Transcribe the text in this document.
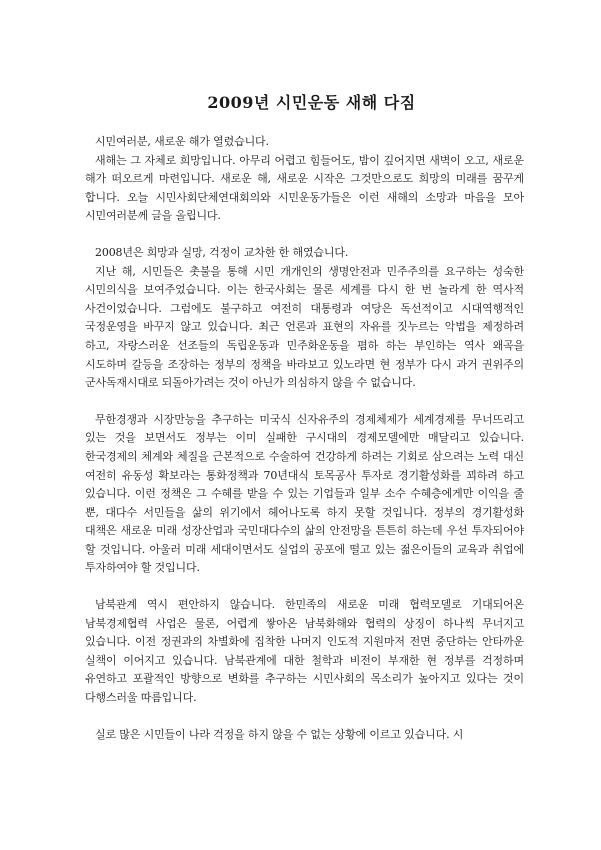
2009년 시민운동 새해 다짐

시민여러분, 새로운 해가 열렸습니다.

새해는 그 자체로 희망입니다. 아무리 어렵고 힘들어도, 밤이 깊어지면 새벽이 오고, 새로운 해가 떠오르게 마련입니다. 새로운 해, 새로운 시작은 그것만으로도 희망의 미래를 꿈꾸게 합니다. 오늘 시민사회단체연대회의와 시민운동가들은 이런 새해의 소망과 마음을 모아 시민여러분께 글을 올립니다.

2008년은 희망과 실망, 걱정이 교차한 한 해였습니다.

지난 해, 시민들은 촛불을 통해 시민 개개인의 생명안전과 민주주의를 요구하는 성숙한 시민의식을 보여주었습니다. 이는 한국사회는 물론 세계를 다시 한 번 놀라게 한 역사적 사건이었습니다. 그럼에도 불구하고 여전히 대통령과 여당은 독선적이고 시대역행적인 국정운영을 바꾸지 않고 있습니다. 최근 언론과 표현의 자유를 짓누르는 악법을 제정하려 하고, 자랑스러운 선조들의 독립운동과 민주화운동을 폄하 하는 부인하는 역사 왜곡을 시도하며 갈등을 조장하는 정부의 정책을 바라보고 있노라면 현 정부가 다시 과거 권위주의 군사독재시대로 되돌아가려는 것이 아닌가 의심하지 않을 수 없습니다.

무한경쟁과 시장만능을 추구하는 미국식 신자유주의 경제체제가 세계경제를 무너뜨리고 있는 것을 보면서도 정부는 이미 실패한 구시대의 경제모델에만 매달리고 있습니다. 한국경제의 체계와 체질을 근본적으로 수술하여 건강하게 하려는 기회로 삼으려는 노력 대신 여전히 유동성 확보라는 통화정책과 70년대식 토목공사 투자로 경기활성화를 꾀하려 하고 있습니다. 이런 정책은 그 수혜를 받을 수 있는 기업들과 일부 소수 수혜층에게만 이익을 줄 뿐, 대다수 서민들을 삶의 위기에서 헤어나도록 하지 못할 것입니다. 정부의 경기활성화 대책은 새로운 미래 성장산업과 국민대다수의 삶의 안전망을 튼튼히 하는데 우선 투자되어야 할 것입니다. 아울러 미래 세대이면서도 실업의 공포에 떨고 있는 젊은이들의 교육과 취업에 투자하여야 할 것입니다.

남북관계 역시 편안하지 않습니다. 한민족의 새로운 미래 협력모델로 기대되어온 남북경제협력 사업은 물론, 어렵게 쌓아온 남북화해와 협력의 상징이 하나씩 무너지고 있습니다. 이전 정권과의 차별화에 집착한 나머지 인도적 지원마저 전면 중단하는 안타까운 실책이 이어지고 있습니다. 남북관계에 대한 철학과 비전이 부재한 현 정부를 걱정하며 유연하고 포괄적인 방향으로 변화를 추구하는 시민사회의 목소리가 높아지고 있다는 것이 다행스러울 따름입니다.

실로 많은 시민들이 나라 걱정을 하지 않을 수 없는 상황에 이르고 있습니다. 시
